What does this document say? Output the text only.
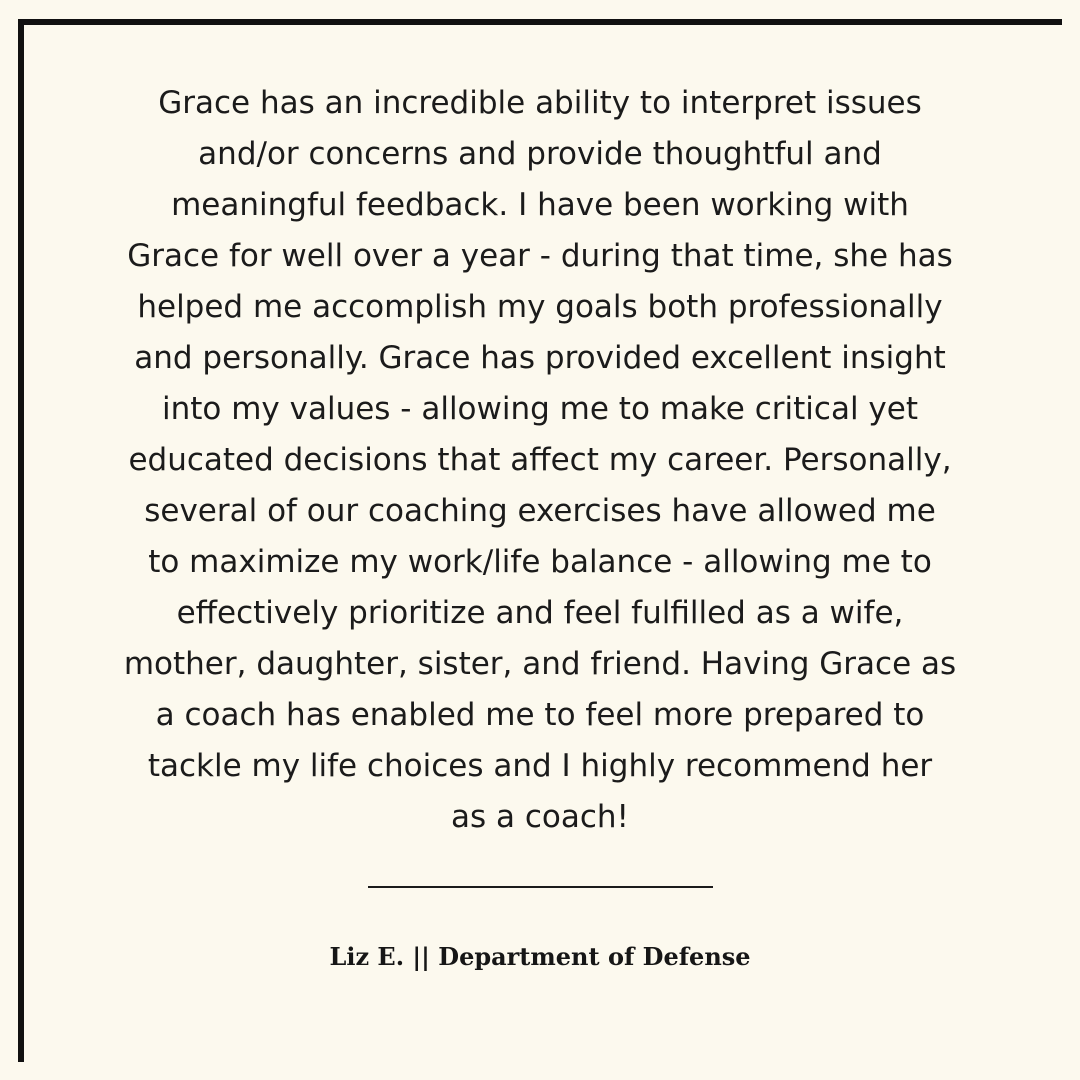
Grace has an incredible ability to interpret issues
and/or concerns and provide thoughtful and
meaningful feedback. I have been working with
Grace for well over a year - during that time, she has
helped me accomplish my goals both professionally
and personally. Grace has provided excellent insight
into my values - allowing me to make critical yet
educated decisions that affect my career. Personally,
several of our coaching exercises have allowed me
to maximize my work/life balance - allowing me to
effectively prioritize and feel fulfilled as a wife,
mother, daughter, sister, and friend. Having Grace as
a coach has enabled me to feel more prepared to
tackle my life choices and I highly recommend her
as a coach!

Liz E. || Department of Defense
